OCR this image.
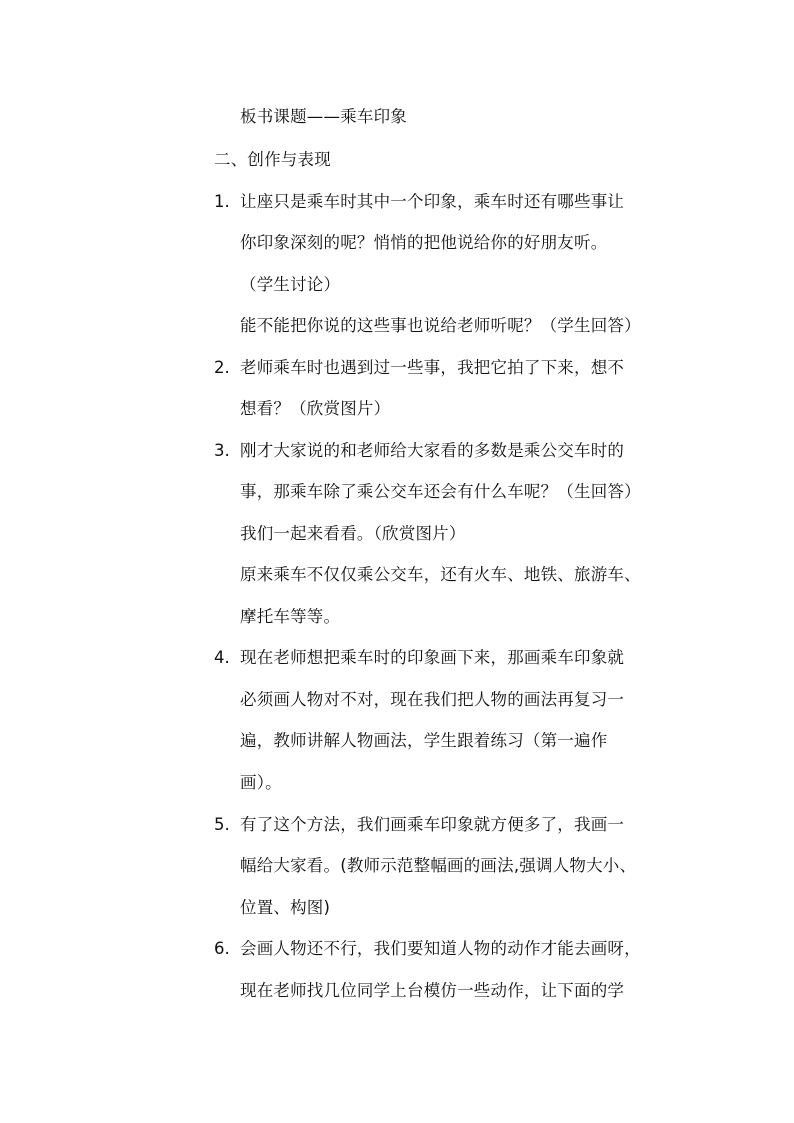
板书课题——乘车印象
二、创作与表现
1. 让座只是乘车时其中一个印象，乘车时还有哪些事让
你印象深刻的呢？悄悄的把他说给你的好朋友听。
（学生讨论）
能不能把你说的这些事也说给老师听呢？（学生回答）
2. 老师乘车时也遇到过一些事，我把它拍了下来，想不
想看？（欣赏图片）
3. 刚才大家说的和老师给大家看的多数是乘公交车时的
事，那乘车除了乘公交车还会有什么车呢？（生回答）
我们一起来看看。（欣赏图片）
原来乘车不仅仅乘公交车，还有火车、地铁、旅游车、
摩托车等等。
4. 现在老师想把乘车时的印象画下来，那画乘车印象就
必须画人物对不对，现在我们把人物的画法再复习一
遍，教师讲解人物画法，学生跟着练习（第一遍作
画）。
5. 有了这个方法，我们画乘车印象就方便多了，我画一
幅给大家看。(教师示范整幅画的画法,强调人物大小、
位置、构图)
6. 会画人物还不行，我们要知道人物的动作才能去画呀，
现在老师找几位同学上台模仿一些动作，让下面的学
